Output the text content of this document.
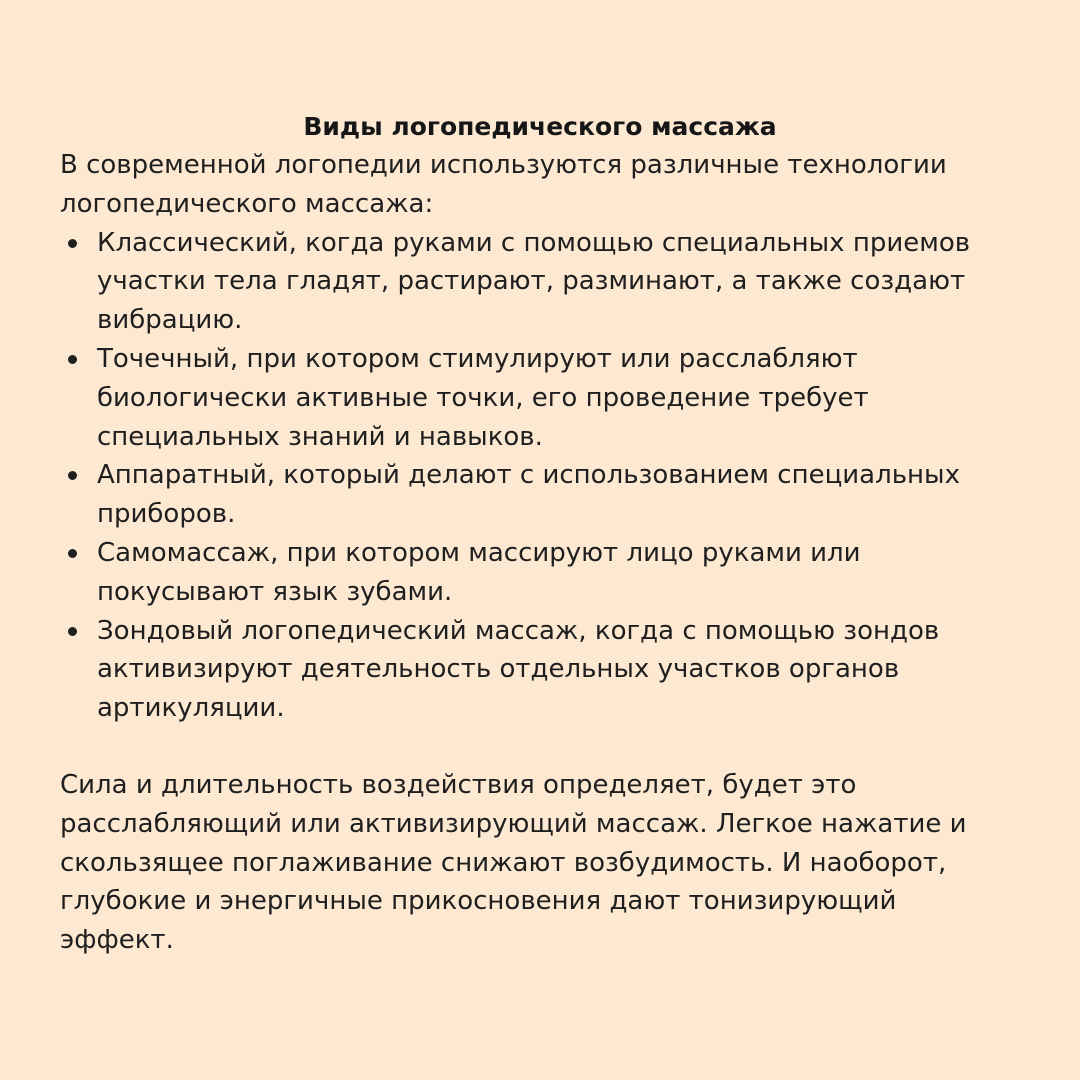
Виды логопедического массажа

В современной логопедии используются различные технологии логопедического массажа:

Классический, когда руками с помощью специальных приемов участки тела гладят, растирают, разминают, а также создают вибрацию.
Точечный, при котором стимулируют или расслабляют биологически активные точки, его проведение требует специальных знаний и навыков.
Аппаратный, который делают с использованием специальных приборов.
Самомассаж, при котором массируют лицо руками или покусывают язык зубами.
Зондовый логопедический массаж, когда с помощью зондов активизируют деятельность отдельных участков органов артикуляции.

Сила и длительность воздействия определяет, будет это расслабляющий или активизирующий массаж. Легкое нажатие и скользящее поглаживание снижают возбудимость. И наоборот, глубокие и энергичные прикосновения дают тонизирующий эффект.
